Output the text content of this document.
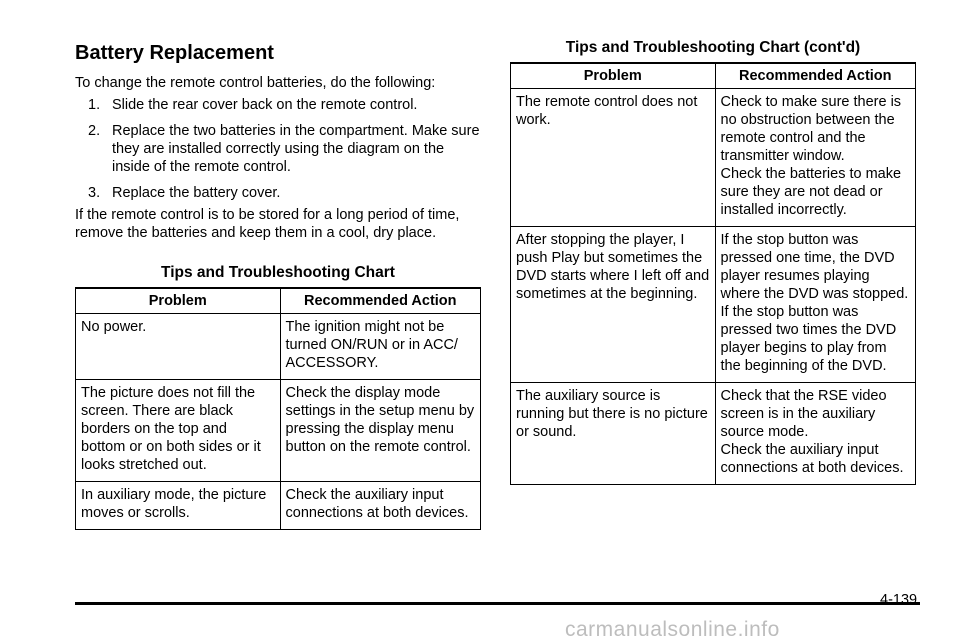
Battery Replacement

To change the remote control batteries, do the following:

1. Slide the rear cover back on the remote control.
2. Replace the two batteries in the compartment. Make sure they are installed correctly using the diagram on the inside of the remote control.
3. Replace the battery cover.

If the remote control is to be stored for a long period of time, remove the batteries and keep them in a cool, dry place.

Tips and Troubleshooting Chart

Problem	Recommended Action
No power.	The ignition might not be turned ON/RUN or in ACC/ ACCESSORY.
The picture does not fill the screen. There are black borders on the top and bottom or on both sides or it looks stretched out.	Check the display mode settings in the setup menu by pressing the display menu button on the remote control.
In auxiliary mode, the picture moves or scrolls.	Check the auxiliary input connections at both devices.

Tips and Troubleshooting Chart (cont'd)

Problem	Recommended Action
The remote control does not work.	Check to make sure there is no obstruction between the remote control and the transmitter window.
Check the batteries to make sure they are not dead or installed incorrectly.

After stopping the player, I push Play but sometimes the DVD starts where I left off and sometimes at the beginning.	If the stop button was pressed one time, the DVD player resumes playing where the DVD was stopped. If the stop button was pressed two times the DVD player begins to play from the beginning of the DVD.
The auxiliary source is running but there is no picture or sound.	Check that the RSE video screen is in the auxiliary source mode.
Check the auxiliary input connections at both devices.
4-139
carmanualsonline.info
